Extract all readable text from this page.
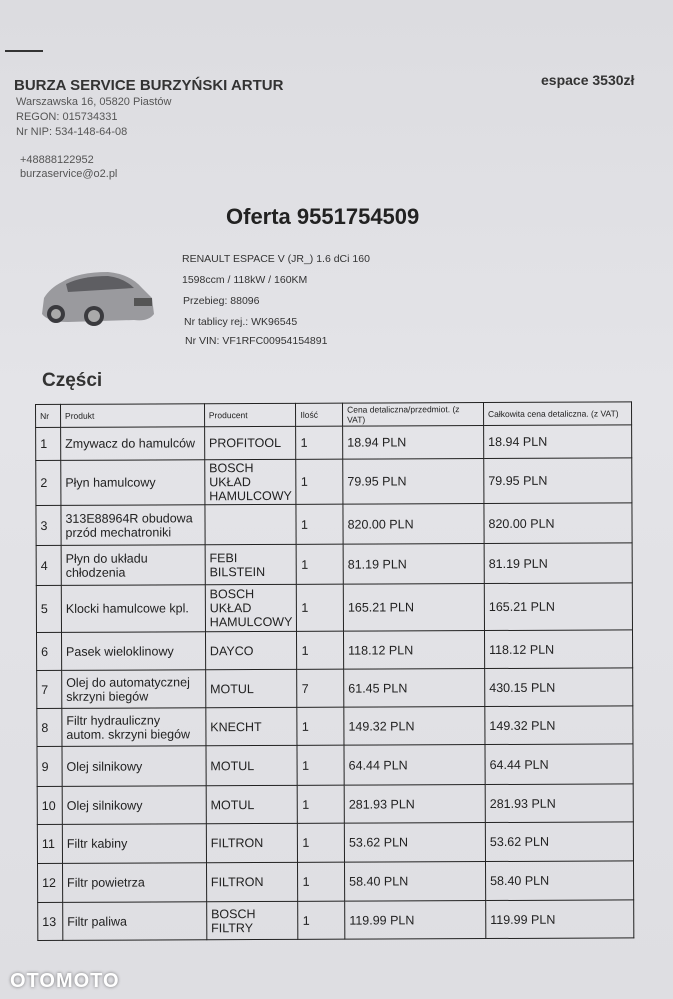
BURZA SERVICE BURZYŃSKI ARTUR
Warszawska 16, 05820 Piastów
REGON: 015734331
Nr NIP: 534-148-64-08
+48888122952
burzaservice@o2.pl
espace 3530zł
Oferta 9551754509
RENAULT ESPACE V (JR_) 1.6 dCi 160
1598ccm / 118kW / 160KM
Przebieg: 88096
Nr tablicy rej.: WK96545
Nr VIN: VF1RFC00954154891
Części
Nr	Produkt	Producent	Ilość	Cena detaliczna/przedmiot. (z VAT)	Całkowita cena detaliczna. (z VAT)
1	Zmywacz do hamulców	PROFITOOL	1	18.94 PLN	18.94 PLN
2	Płyn hamulcowy	BOSCH UKŁAD HAMULCOWY	1	79.95 PLN	79.95 PLN
3	313E88964R obudowa przód mechatroniki		1	820.00 PLN	820.00 PLN
4	Płyn do układu chłodzenia	FEBI BILSTEIN	1	81.19 PLN	81.19 PLN
5	Klocki hamulcowe kpl.	BOSCH UKŁAD HAMULCOWY	1	165.21 PLN	165.21 PLN
6	Pasek wieloklinowy	DAYCO	1	118.12 PLN	118.12 PLN
7	Olej do automatycznej skrzyni biegów	MOTUL	7	61.45 PLN	430.15 PLN
8	Filtr hydrauliczny autom. skrzyni biegów	KNECHT	1	149.32 PLN	149.32 PLN
9	Olej silnikowy	MOTUL	1	64.44 PLN	64.44 PLN
10	Olej silnikowy	MOTUL	1	281.93 PLN	281.93 PLN
11	Filtr kabiny	FILTRON	1	53.62 PLN	53.62 PLN
12	Filtr powietrza	FILTRON	1	58.40 PLN	58.40 PLN
13	Filtr paliwa	BOSCH FILTRY	1	119.99 PLN	119.99 PLN
OTOMOTO
